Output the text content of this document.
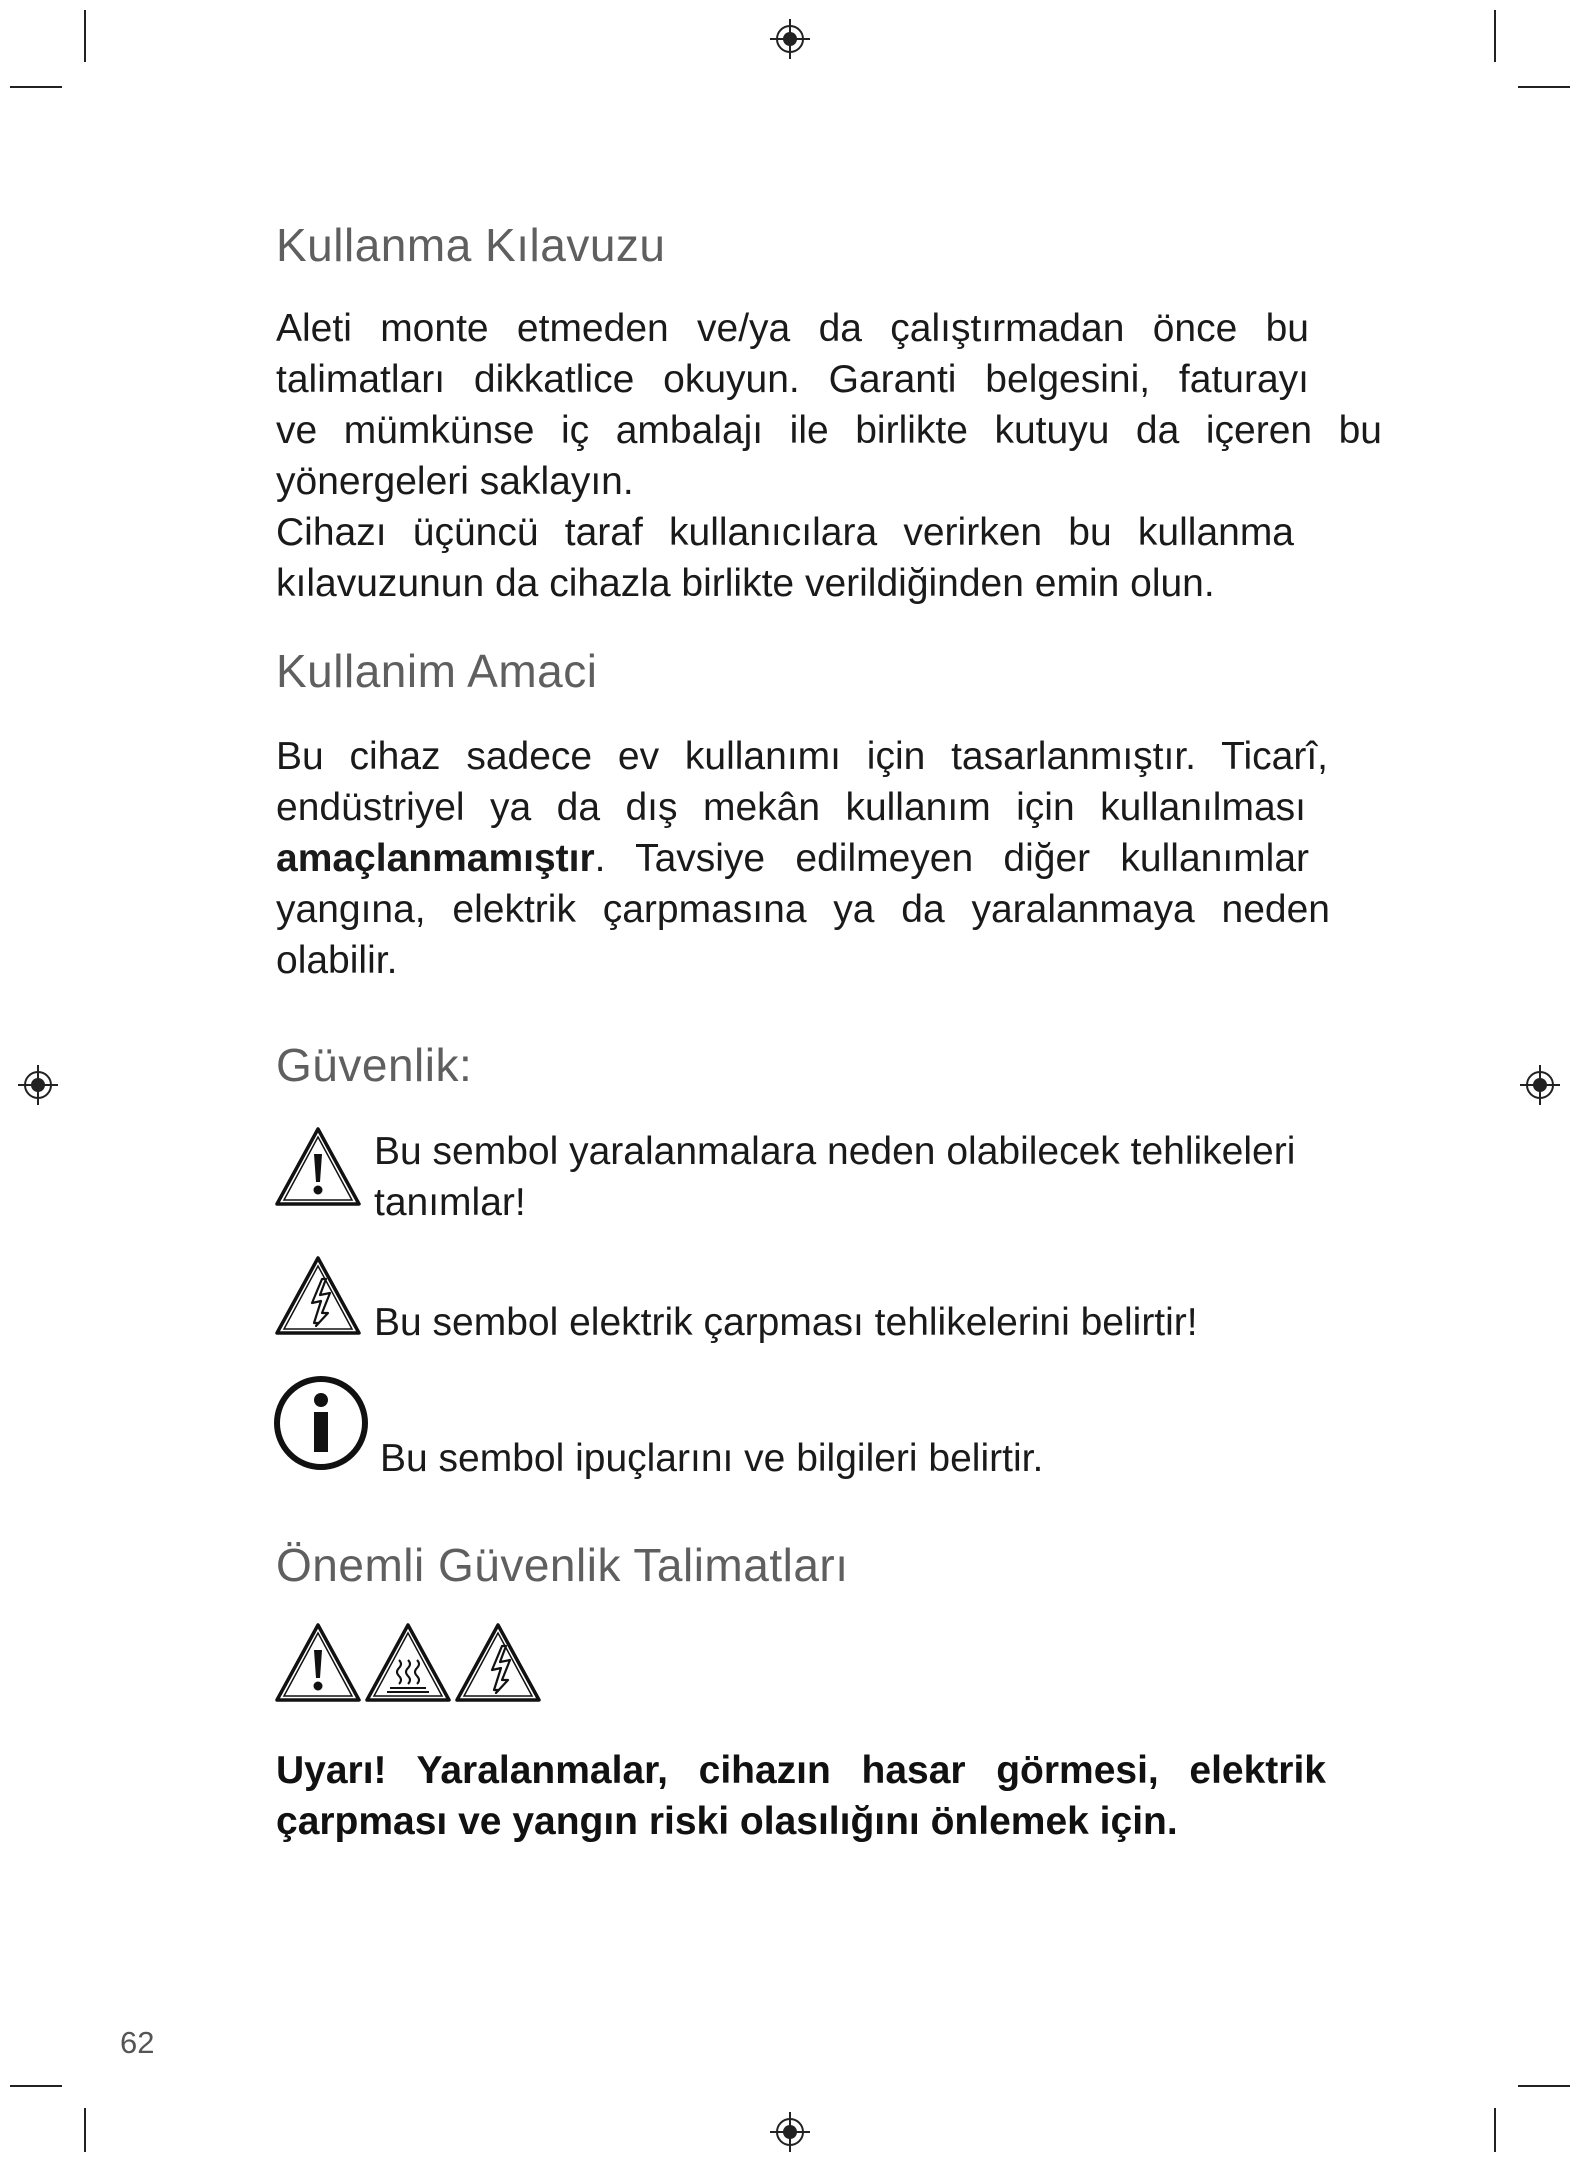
Kullanma Kılavuzu
Aleti monte etmeden ve/ya da çalıştırmadan önce bu
talimatları dikkatlice okuyun. Garanti belgesini, faturayı
ve mümkünse iç ambalajı ile birlikte kutuyu da içeren bu
yönergeleri saklayın.
Cihazı üçüncü taraf kullanıcılara verirken bu kullanma
kılavuzunun da cihazla birlikte verildiğinden emin olun.
Kullanim Amaci
Bu cihaz sadece ev kullanımı için tasarlanmıştır. Ticarî,
endüstriyel ya da dış mekân kullanım için kullanılması
amaçlanmamıştır. Tavsiye edilmeyen diğer kullanımlar
yangına, elektrik çarpmasına ya da yaralanmaya neden
olabilir.
Güvenlik:

Bu sembol yaralanmalara neden olabilecek tehlikeleri
tanımlar!

Bu sembol elektrik çarpması tehlikelerini belirtir!

Bu sembol ipuçlarını ve bilgileri belirtir.

Önemli Güvenlik Talimatları
Uyarı! Yaralanmalar, cihazın hasar görmesi, elektrik
çarpması ve yangın riski olasılığını önlemek için.
62
